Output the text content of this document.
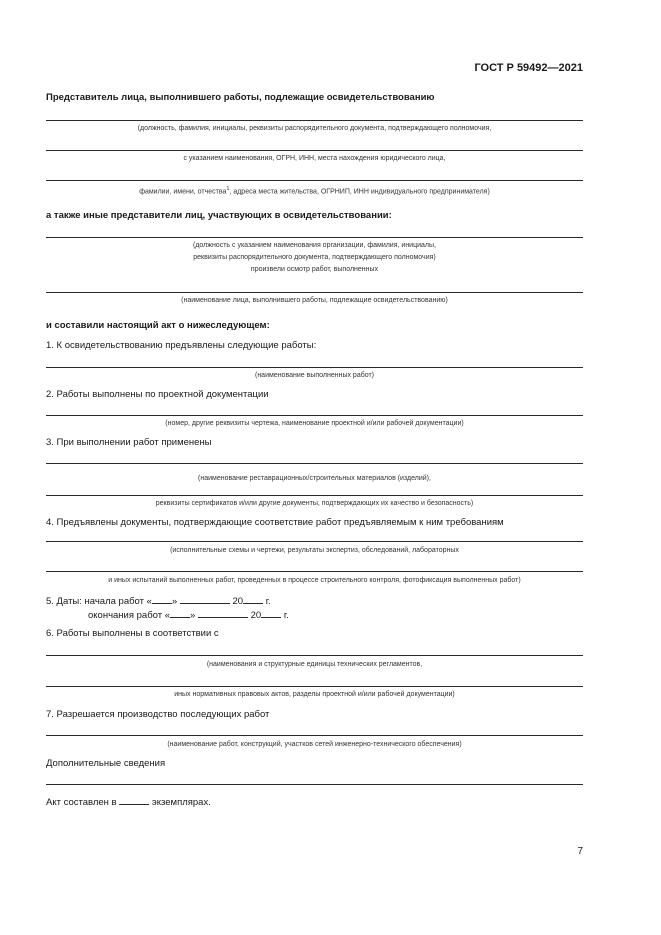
ГОСТ Р 59492—2021
Представитель лица, выполнившего работы, подлежащие освидетельствованию
(должность, фамилия, инициалы, реквизиты распорядительного документа, подтверждающего полномочия,
с указанием наименования, ОГРН, ИНН, места нахождения юридического лица,
фамилии, имени, отчества$^1$, адреса места жительства, ОГРНИП, ИНН индивидуального предпринимателя)
а также иные представители лиц, участвующих в освидетельствовании:
(должность с указанием наименования организации, фамилия, инициалы,
реквизиты распорядительного документа, подтверждающего полномочия)
произвели осмотр работ, выполненных
(наименование лица, выполнившего работы, подлежащие освидетельствованию)
и составили настоящий акт о нижеследующем:
1. К освидетельствованию предъявлены следующие работы:
(наименование выполненных работ)
2. Работы выполнены по проектной документации
(номер, другие реквизиты чертежа, наименование проектной и/или рабочей документации)
3. При выполнении работ применены
(наименование реставрационных/строительных материалов (изделий),
реквизиты сертификатов и/или другие документы, подтверждающих их качество и безопасность)
4. Предъявлены документы, подтверждающие соответствие работ предъявляемым к ним требованиям
(исполнительные схемы и чертежи, результаты экспертиз, обследований, лабораторных
и иных испытаний выполненных работ, проведенных в процессе строительного контроля, фотофиксация выполненных работ)
5. Даты: начала работ « »	20 г.
окончания работ « »	20 г.
6. Работы выполнены в соответствии с
(наименования и структурные единицы технических регламентов,
иных нормативных правовых актов, разделы проектной и/или рабочей документации)
7. Разрешается производство последующих работ
(наименование работ, конструкций, участков сетей инженерно-технического обеспечения)
Дополнительные сведения
Акт составлен в	экземплярах.
7
